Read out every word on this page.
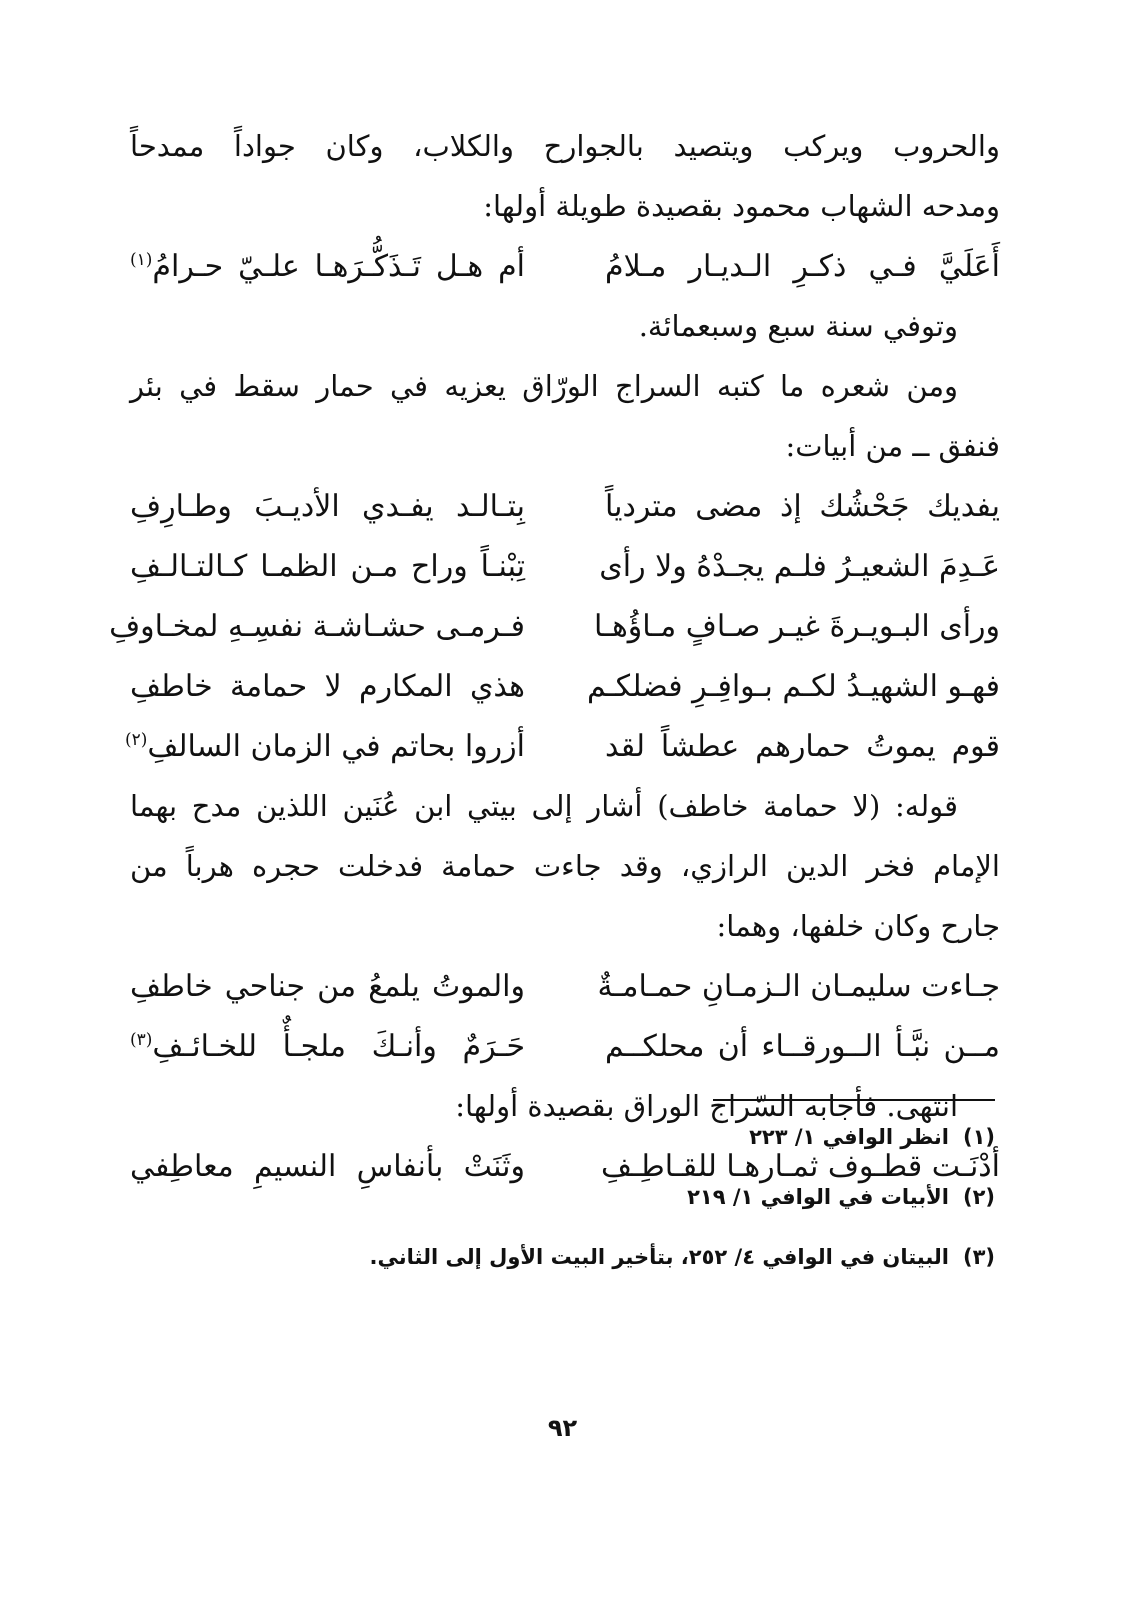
والحروب ويركب ويتصيد بالجوارح والكلاب، وكان جواداً ممدحاً
ومدحه الشهاب محمود بقصيدة طويلة أولها:
أَعَلَيَّ فـي ذكـرِ الـديـار مـلامُ
أم هـل تَـذَكُّـرَهـا علـيّ حـرامُ$^{(١)}$
وتوفي سنة سبع وسبعمائة.
ومن شعره ما كتبه السراج الورّاق يعزيه في حمار سقط في بئر
فنفق ــ من أبيات:
يفديك جَحْشُك إذ مضى متردياً
بِتـالـد يفـدي الأديـبَ وطـارِفِ
عَـدِمَ الشعيـرُ فلـم يجـدْهُ ولا رأى
تِبْنـاً وراح مـن الظمـا كـالتـالـفِ
ورأى البـويـرةَ غيـر صـافٍ مـاؤُهـا
فـرمـى حشـاشـة نفسِـهِ لمخـاوفِ
فهـو الشهيـدُ لكـم بـوافِـرِ فضلكـم
هذي المكارم لا حمامة خاطفِ
قوم يموتُ حمارهم عطشاً لقد
أزروا بحاتم في الزمان السالفِ$^{(٢)}$
قوله: (لا حمامة خاطف) أشار إلى بيتي ابن عُنَين اللذين مدح بهما
الإمام فخر الدين الرازي، وقد جاءت حمامة فدخلت حجره هرباً من
جارح وكان خلفها، وهما:
جـاءت سليمـان الـزمـانِ حمـامـةٌ
والموتُ يلمعُ من جناحي خاطفِ
مــن نبَّـأ الــورقــاء أن محلكــم
حَـرَمٌ وأنـكَ ملجـأٌ للخـائـفِ$^{(٣)}$
انتهى. فأجابه السّراج الوراق بقصيدة أولها:
أدْنَـت قطـوف ثمـارهـا للقـاطِـفِ
وثَنَتْ بأنفاسِ النسيمِ معاطِفي
(١)انظر الوافي ١/ ٢٢٣
(٢)الأبيات في الوافي ١/ ٢١٩
(٣)البيتان في الوافي ٤/ ٢٥٢، بتأخير البيت الأول إلى الثاني.
٩٢
